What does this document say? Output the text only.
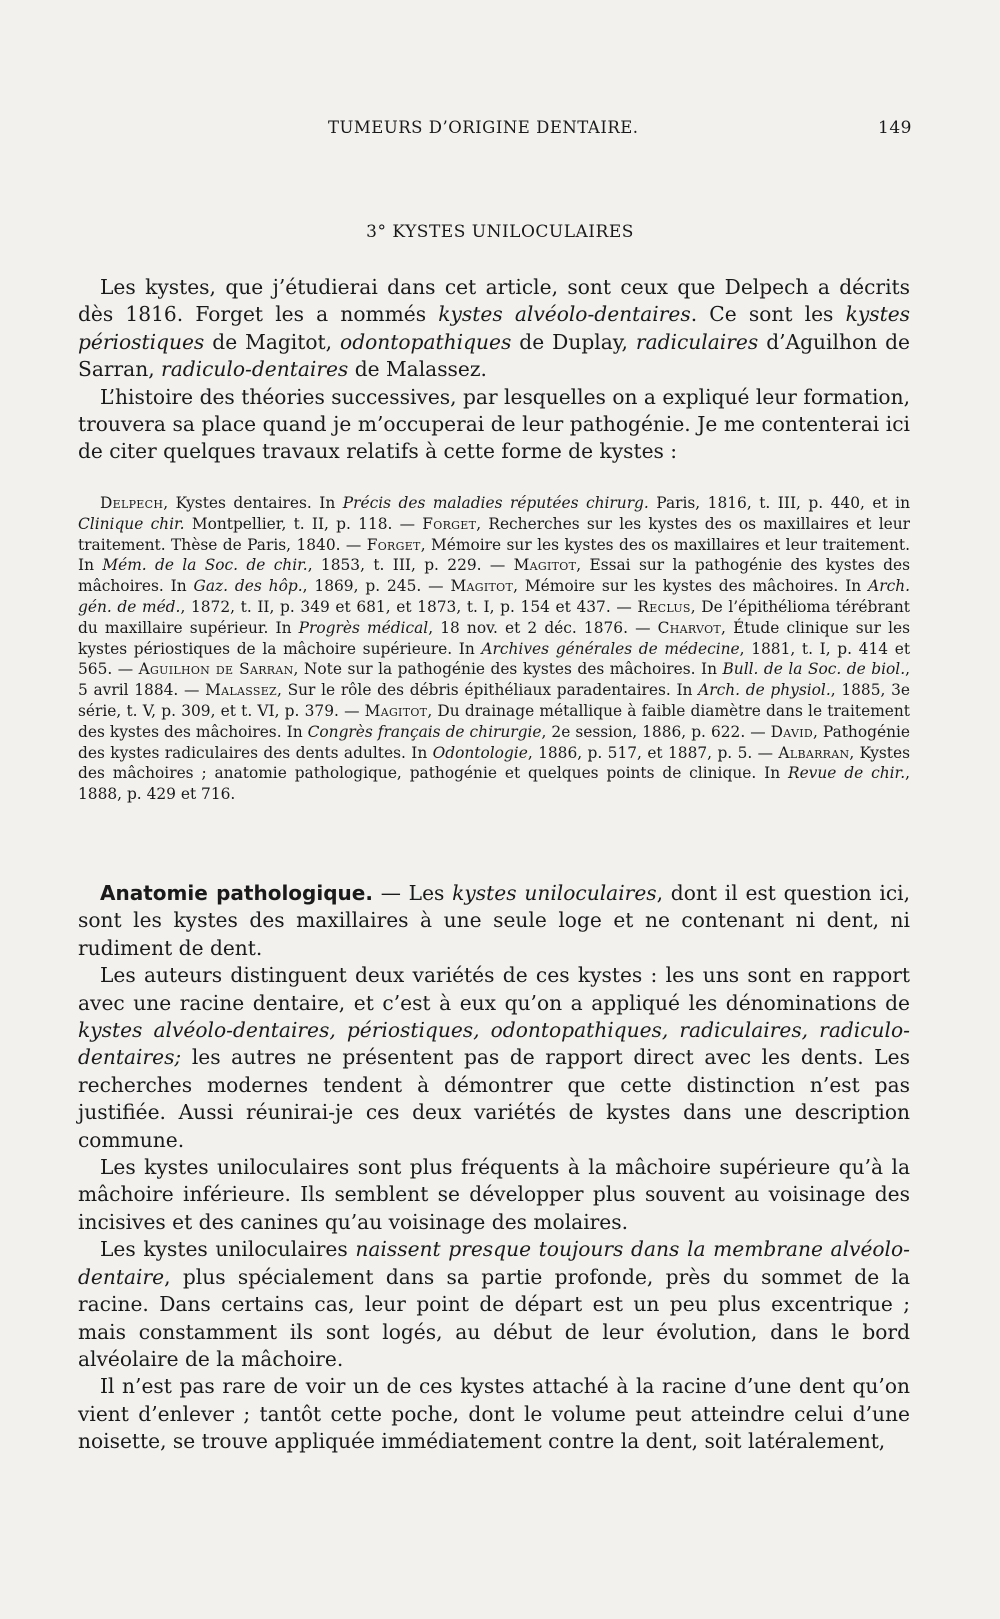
TUMEURS D’ORIGINE DENTAIRE.	149
3° KYSTES UNILOCULAIRES

Les kystes, que j’étudierai dans cet article, sont ceux que Delpech a décrits dès 1816. Forget les a nommés kystes alvéolo-dentaires. Ce sont les kystes périostiques de Magitot, odontopathiques de Duplay, radiculaires d’Aguilhon de Sarran, radiculo-dentaires de Malassez.

L’histoire des théories successives, par lesquelles on a expliqué leur formation, trouvera sa place quand je m’occuperai de leur pathogénie. Je me contenterai ici de citer quelques travaux relatifs à cette forme de kystes :

Delpech, Kystes dentaires. In Précis des maladies réputées chirurg. Paris, 1816, t. III, p. 440, et in Clinique chir. Montpellier, t. II, p. 118. — Forget, Recherches sur les kystes des os maxillaires et leur traitement. Thèse de Paris, 1840. — Forget, Mémoire sur les kystes des os maxillaires et leur traitement. In Mém. de la Soc. de chir., 1853, t. III, p. 229. — Magitot, Essai sur la pathogénie des kystes des mâchoires. In Gaz. des hôp., 1869, p. 245. — Magitot, Mémoire sur les kystes des mâchoires. In Arch. gén. de méd., 1872, t. II, p. 349 et 681, et 1873, t. I, p. 154 et 437. — Reclus, De l’épithélioma térébrant du maxillaire supérieur. In Progrès médical, 18 nov. et 2 déc. 1876. — Charvot, Étude clinique sur les kystes périostiques de la mâchoire supérieure. In Archives générales de médecine, 1881, t. I, p. 414 et 565. — Aguilhon de Sarran, Note sur la pathogénie des kystes des mâchoires. In Bull. de la Soc. de biol., 5 avril 1884. — Malassez, Sur le rôle des débris épithéliaux paradentaires. In Arch. de physiol., 1885, 3e série, t. V, p. 309, et t. VI, p. 379. — Magitot, Du drainage métallique à faible diamètre dans le traitement des kystes des mâchoires. In Congrès français de chirurgie, 2e session, 1886, p. 622. — David, Pathogénie des kystes radiculaires des dents adultes. In Odontologie, 1886, p. 517, et 1887, p. 5. — Albarran, Kystes des mâchoires ; anatomie pathologique, pathogénie et quelques points de clinique. In Revue de chir., 1888, p. 429 et 716.

Anatomie pathologique. — Les kystes uniloculaires, dont il est question ici, sont les kystes des maxillaires à une seule loge et ne contenant ni dent, ni rudiment de dent.

Les auteurs distinguent deux variétés de ces kystes : les uns sont en rapport avec une racine dentaire, et c’est à eux qu’on a appliqué les dénominations de kystes alvéolo-dentaires, périostiques, odontopathiques, radiculaires, radiculo-dentaires; les autres ne présentent pas de rapport direct avec les dents. Les recherches modernes tendent à démontrer que cette distinction n’est pas justifiée. Aussi réunirai-je ces deux variétés de kystes dans une description commune.

Les kystes uniloculaires sont plus fréquents à la mâchoire supérieure qu’à la mâchoire inférieure. Ils semblent se développer plus souvent au voisinage des incisives et des canines qu’au voisinage des molaires.

Les kystes uniloculaires naissent presque toujours dans la membrane alvéolo-dentaire, plus spécialement dans sa partie profonde, près du sommet de la racine. Dans certains cas, leur point de départ est un peu plus excentrique ; mais constamment ils sont logés, au début de leur évolution, dans le bord alvéolaire de la mâchoire.

Il n’est pas rare de voir un de ces kystes attaché à la racine d’une dent qu’on vient d’enlever ; tantôt cette poche, dont le volume peut atteindre celui d’une noisette, se trouve appliquée immédiatement contre la dent, soit latéralement,
